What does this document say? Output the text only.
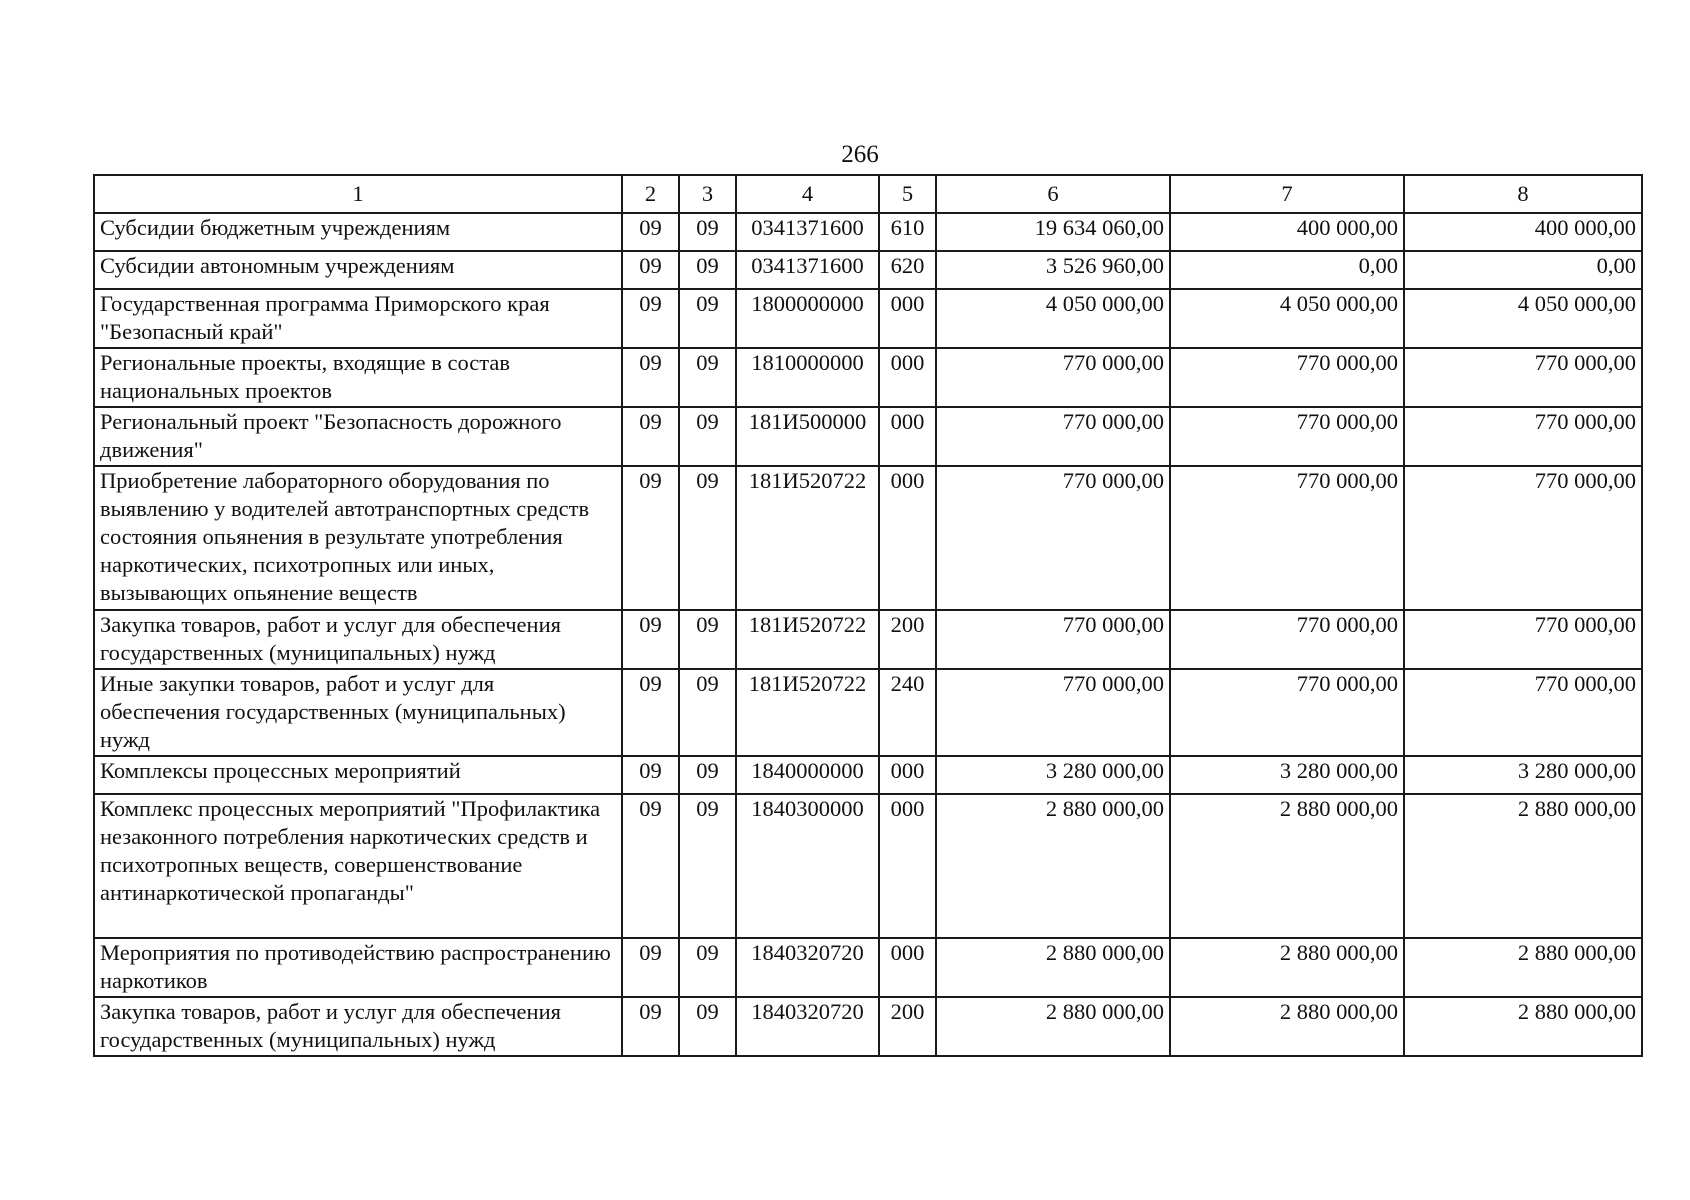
266
1	2	3	4	5	6	7	8
Субсидии бюджетным учреждениям	09	09	0341371600	610	19 634 060,00	400 000,00	400 000,00
Субсидии автономным учреждениям	09	09	0341371600	620	3 526 960,00	0,00	0,00
Государственная программа Приморского края "Безопасный край"	09	09	1800000000	000	4 050 000,00	4 050 000,00	4 050 000,00
Региональные проекты, входящие в состав национальных проектов	09	09	1810000000	000	770 000,00	770 000,00	770 000,00
Региональный проект "Безопасность дорожного движения"	09	09	181И500000	000	770 000,00	770 000,00	770 000,00
Приобретение лабораторного оборудования по выявлению у водителей автотранспортных средств состояния опьянения в результате употребления наркотических, психотропных или иных, вызывающих опьянение веществ	09	09	181И520722	000	770 000,00	770 000,00	770 000,00
Закупка товаров, работ и услуг для обеспечения государственных (муниципальных) нужд	09	09	181И520722	200	770 000,00	770 000,00	770 000,00
Иные закупки товаров, работ и услуг для обеспечения государственных (муниципальных) нужд	09	09	181И520722	240	770 000,00	770 000,00	770 000,00
Комплексы процессных мероприятий	09	09	1840000000	000	3 280 000,00	3 280 000,00	3 280 000,00
Комплекс процессных мероприятий "Профилактика незаконного потребления наркотических средств и психотропных веществ, совершенствование антинаркотической пропаганды"	09	09	1840300000	000	2 880 000,00	2 880 000,00	2 880 000,00
Мероприятия по противодействию распространению наркотиков	09	09	1840320720	000	2 880 000,00	2 880 000,00	2 880 000,00
Закупка товаров, работ и услуг для обеспечения государственных (муниципальных) нужд	09	09	1840320720	200	2 880 000,00	2 880 000,00	2 880 000,00
